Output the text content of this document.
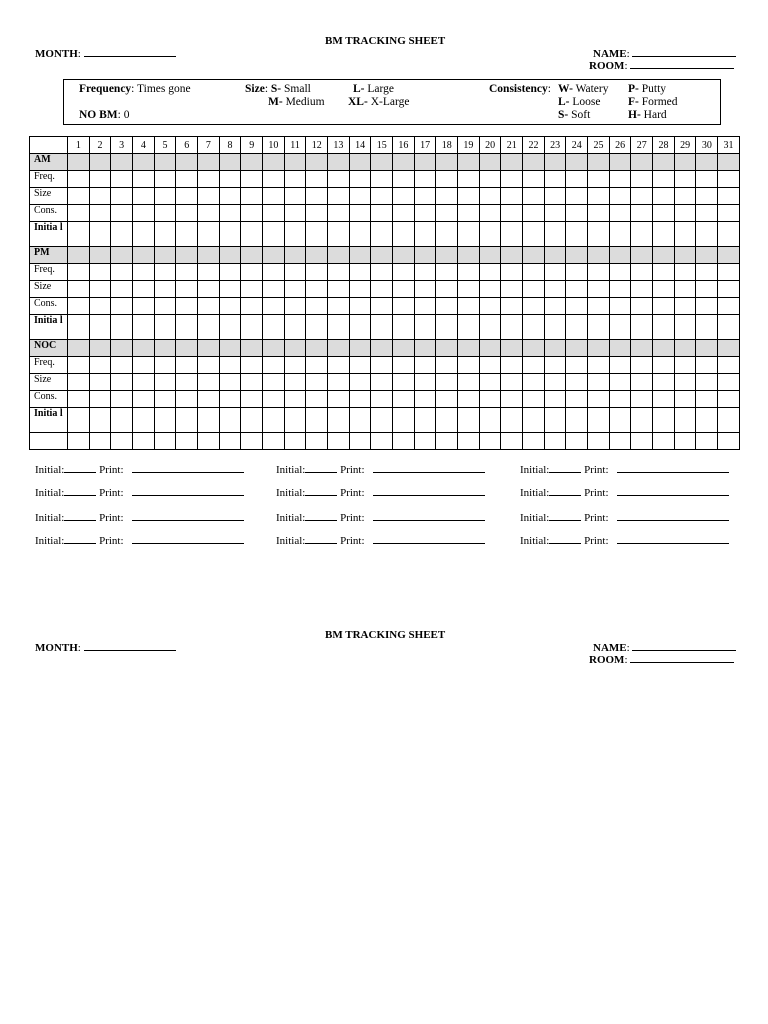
BM TRACKING SHEET
MONTH:	NAME:
ROOM:
Frequency: Times gone
NO BM: 0
Size: S- Small
M- Medium
L- Large
XL- X-Large
Consistency: W- Watery
L- Loose
S- Soft
P- Putty
F- Formed
H- Hard
	1	2	3	4	5	6	7	8	9	10	11	12	13	14	15	16	17	18	19	20	21	22	23	24	25	26	27	28	29	30	31
AM																															
Freq.																															
Size																															
Cons.																															
Initia l																															
PM																															
Freq.																															
Size																															
Cons.																															
Initia l																															
NOC																															
Freq.																															
Size																															
Cons.																															
Initia l																															

Initial:	Print:	Initial:	Print:	Initial:	Print:
Initial:	Print:	Initial:	Print:	Initial:	Print:
Initial:	Print:	Initial:	Print:	Initial:	Print:
Initial:	Print:	Initial:	Print:	Initial:	Print:
BM TRACKING SHEET
MONTH:	NAME:
ROOM:
